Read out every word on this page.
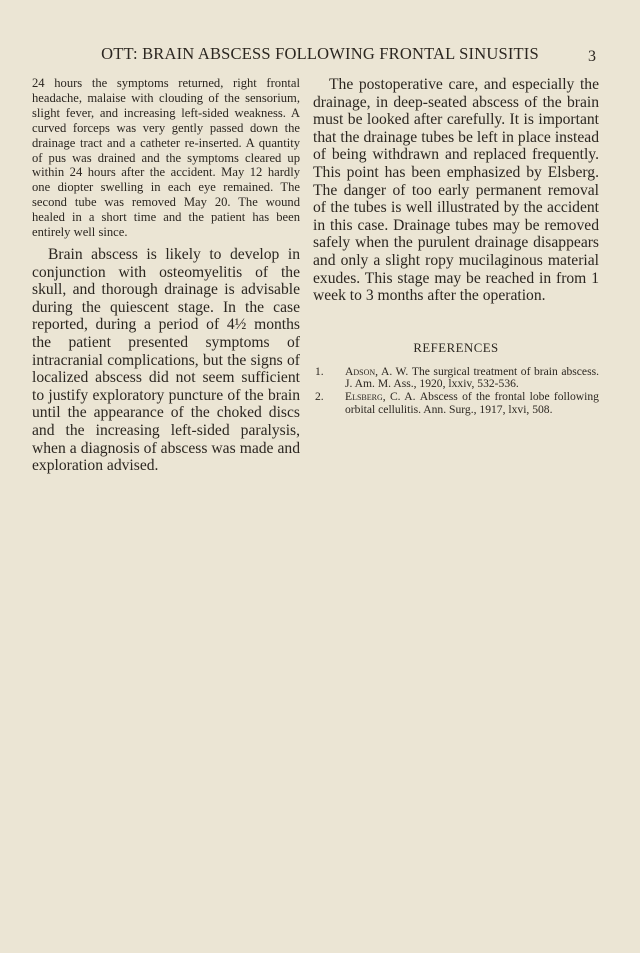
OTT: BRAIN ABSCESS FOLLOWING FRONTAL SINUSITIS	3

24 hours the symptoms returned, right frontal headache, malaise with clouding of the sensorium, slight fever, and increasing left-sided weakness. A curved forceps was very gently passed down the drainage tract and a catheter re-inserted. A quantity of pus was drained and the symptoms cleared up within 24 hours after the accident. May 12 hardly one diopter swelling in each eye remained. The second tube was removed May 20. The wound healed in a short time and the patient has been entirely well since.

Brain abscess is likely to develop in conjunction with osteomyelitis of the skull, and thorough drainage is advisable during the quiescent stage. In the case reported, during a period of 4½ months the patient presented symptoms of intracranial complications, but the signs of localized abscess did not seem sufficient to justify exploratory puncture of the brain until the appearance of the choked discs and the increasing left-sided paralysis, when a diagnosis of abscess was made and exploration advised.

The postoperative care, and especially the drainage, in deep-seated abscess of the brain must be looked after carefully. It is important that the drainage tubes be left in place instead of being withdrawn and replaced frequently. This point has been emphasized by Elsberg. The danger of too early permanent removal of the tubes is well illustrated by the accident in this case. Drainage tubes may be removed safely when the purulent drainage disappears and only a slight ropy mucilaginous material exudes. This stage may be reached in from 1 week to 3 months after the operation.

REFERENCES
1. Adson, A. W. The surgical treatment of brain abscess. J. Am. M. Ass., 1920, lxxiv, 532-536.
2. Elsberg, C. A. Abscess of the frontal lobe following orbital cellulitis. Ann. Surg., 1917, lxvi, 508.
